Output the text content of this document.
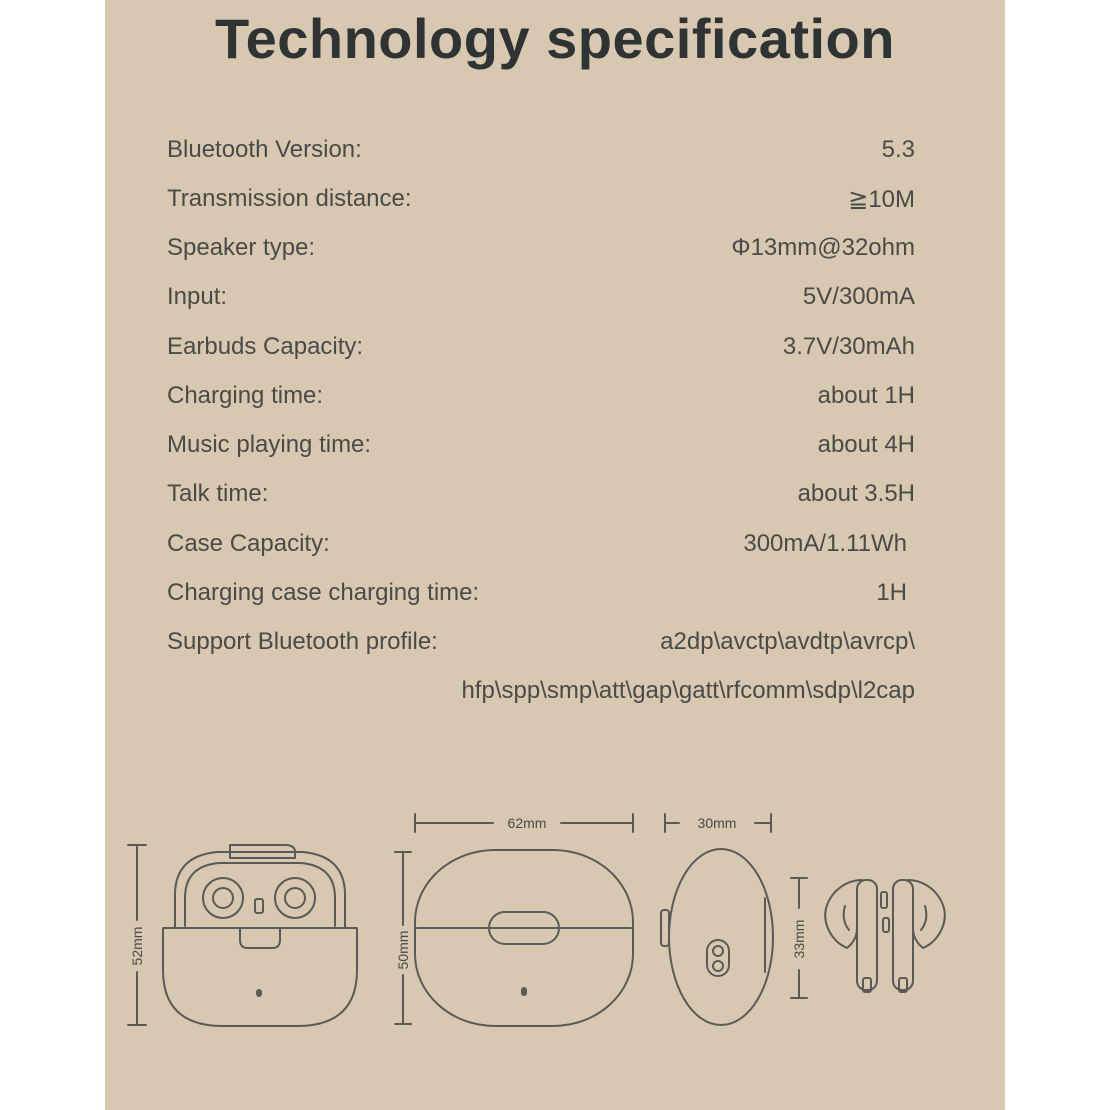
Technology specification
Bluetooth Version:	5.3
Transmission distance:	≧10M
Speaker type:	Φ13mm@32ohm
Input:	5V/300mA
Earbuds Capacity:	3.7V/30mAh
Charging time:	about 1H
Music playing time:	about 4H
Talk time:	about 3.5H
Case Capacity:	300mA/1.11Wh
Charging case charging time:	1H
Support Bluetooth profile:	a2dp\avctp\avdtp\avrcp\
hfp\spp\smp\att\gap\gatt\rfcomm\sdp\l2cap
52mm
62mm
50mm
30mm
33mm
